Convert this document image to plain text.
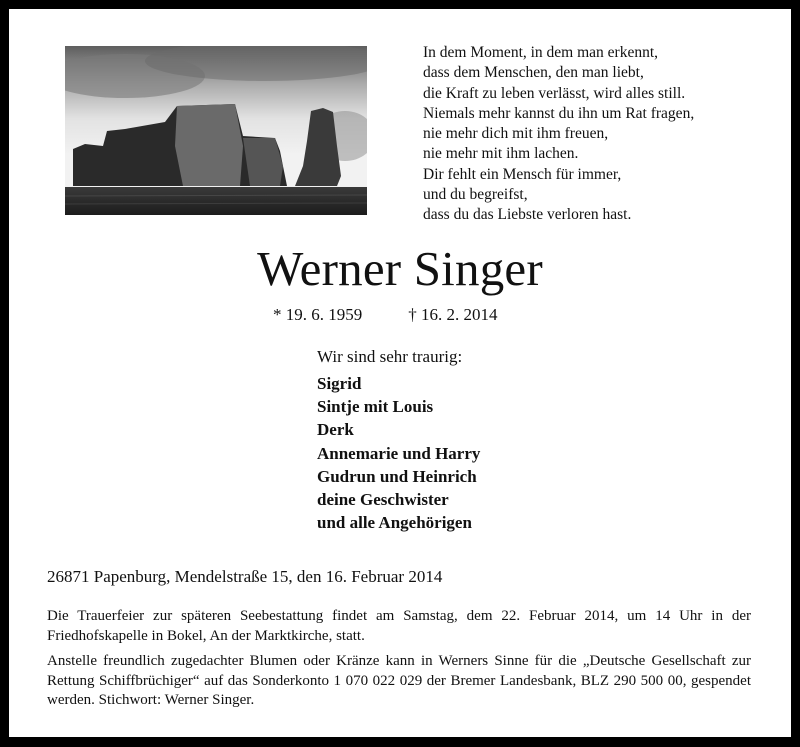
In dem Moment, in dem man erkennt,
dass dem Menschen, den man liebt,
die Kraft zu leben verlässt, wird alles still.
Niemals mehr kannst du ihn um Rat fragen,
nie mehr dich mit ihm freuen,
nie mehr mit ihm lachen.
Dir fehlt ein Mensch für immer,
und du begreifst,
dass du das Liebste verloren hast.
Werner Singer
* 19. 6. 1959	† 16. 2. 2014
Wir sind sehr traurig:
Sigrid
Sintje mit Louis
Derk
Annemarie und Harry
Gudrun und Heinrich
deine Geschwister
und alle Angehörigen
26871 Papenburg, Mendelstraße 15, den 16. Februar 2014
Die Trauerfeier zur späteren Seebestattung findet am Samstag, dem 22. Februar 2014, um 14 Uhr in der Friedhofskapelle in Bokel, An der Marktkirche, statt.
Anstelle freundlich zugedachter Blumen oder Kränze kann in Werners Sinne für die „Deutsche Gesellschaft zur Rettung Schiffbrüchiger“ auf das Sonderkonto 1 070 022 029 der Bremer Landesbank, BLZ 290 500 00, gespendet werden. Stichwort: Werner Singer.
